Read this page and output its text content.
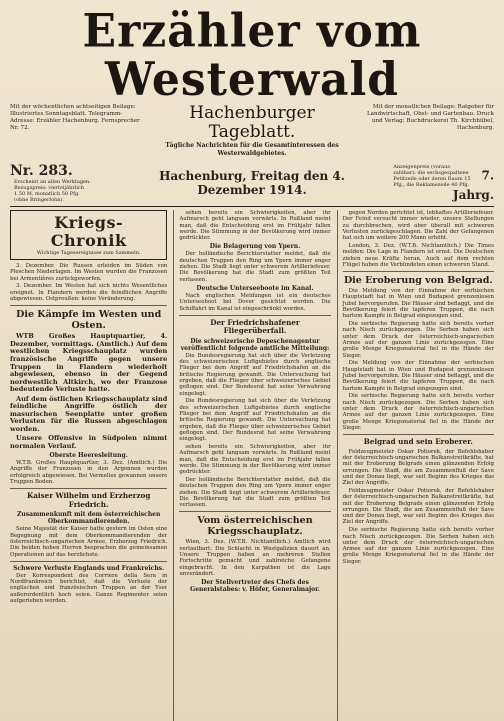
Erzähler vom Westerwald
Mit der wöchentlichen achtseitigen Beilage: Illustriertes Sonntagsblatt. Telegramm-Adresse: Erzähler Hachenburg. Fernsprecher Nr. 72.
Hachenburger Tageblatt.
Tägliche Nachrichten für die Gesamtinteressen des Westerwaldgebietes.
Mit der monatlichen Beilage: Ratgeber für Landwirtschaft, Obst- und Gartenbau. Druck und Verlag: Buchdruckerei Th. Kirchhübel, Hachenburg.
Nr. 283. Erscheint an allen Werktagen. Bezugspreis: vierteljährlich 1.50 M, monatlich 50 Pfg. (ohne Bringerlohn).
Hachenburg, Freitag den 4. Dezember 1914.
Anzeigenpreis (voraus zahlbar): die sechsgespaltene Petitzeile oder deren Raum 15 Pfg., die Reklamezeile 40 Pfg. 7. Jahrg.
Kriegs- Chronik
Wichtige Tagesereignisse zum Sammeln.

3. Dezember. Die Russen erleiden im Süden von Pleschen Niederlagen. Im Westen wurden die Franzosen bei Armentières zurückgeworfen.

3. Dezember. Im Westen hat sich nichts Wesentliches ereignet. In Flandern werden die feindlichen Angriffe abgewiesen. Ostpreußen: keine Veränderung.

Die Kämpfe im Westen und Osten.

WTB Großes Hauptquartier, 4. Dezember, vormittags. (Amtlich.) Auf dem westlichen Kriegsschauplatz wurden französische Angriffe gegen unsere Truppen in Flandern wiederholt abgewiesen, ebenso in der Gegend nordwestlich Altkirch, wo der Franzose bedeutende Verluste hatte.

Auf dem östlichen Kriegsschauplatz sind feindliche Angriffe östlich der masurischen Seenplatte unter großen Verlusten für die Russen abgeschlagen worden.

Unsere Offensive in Südpolen nimmt normalen Verlauf.

Oberste Heeresleitung.

W.T.B. Großes Hauptquartier, 3. Dez. (Amtlich.) Die Angriffe der Franzosen in den Argonnen wurden erfolgreich abgewiesen. Bei Vermelles gewannen unsere Truppen Boden.

Kaiser Wilhelm und Erzherzog Friedrich.
Zusammenkunft mit dem österreichischen Oberkommandierenden.

Seine Majestät der Kaiser hatte gestern im Osten eine Begegnung mit dem Oberkommandierenden der österreichisch-ungarischen Armee, Erzherzog Friedrich. Die beiden hohen Herren besprachen die gemeinsamen Operationen auf das herzlichste.

Schwere Verluste Englands und Frankreichs.

Der Korrespondent des Corriere della Sera in Nordfrankreich berichtet, daß die Verluste der englischen und französischen Truppen an der Yser außerordentlich hoch seien. Ganze Regimenter seien aufgerieben worden.

sehen bereits ein Schwierigkeiten, aber ihr Aufmarsch geht langsam vorwärts. In Rußland meint man, daß die Entscheidung erst im Frühjahr fallen werde. Die Stimmung in der Bevölkerung wird immer gedrückter.

Die Belagerung von Ypern.

Der holländische Berichterstatter meldet, daß die deutschen Truppen den Ring um Ypern immer enger ziehen. Die Stadt liegt unter schwerem Artilleriefeuer. Die Bevölkerung hat die Stadt zum größten Teil verlassen.

Deutsche Unterseeboote im Kanal.

Nach englischen Meldungen ist ein deutsches Unterseeboot bei Dover gesichtet worden. Die Schiffahrt im Kanal ist eingeschränkt worden.

Der Friedrichshafener Fliegerüberfall.
Die schweizerische Depeschenagentur veröffentlicht folgende amtliche Mitteilung:

Die Bundesregierung hat sich über die Verletzung des schweizerischen Luftgebietes durch englische Flieger bei dem Angriff auf Friedrichshafen an die britische Regierung gewandt. Die Untersuchung hat ergeben, daß die Flieger über schweizerisches Gebiet geflogen sind. Der Bundesrat hat seine Verwahrung eingelegt.

Die Bundesregierung hat sich über die Verletzung des schweizerischen Luftgebietes durch englische Flieger bei dem Angriff auf Friedrichshafen an die britische Regierung gewandt. Die Untersuchung hat ergeben, daß die Flieger über schweizerisches Gebiet geflogen sind. Der Bundesrat hat seine Verwahrung eingelegt.

sehen bereits ein Schwierigkeiten, aber ihr Aufmarsch geht langsam vorwärts. In Rußland meint man, daß die Entscheidung erst im Frühjahr fallen werde. Die Stimmung in der Bevölkerung wird immer gedrückter.

Der holländische Berichterstatter meldet, daß die deutschen Truppen den Ring um Ypern immer enger ziehen. Die Stadt liegt unter schwerem Artilleriefeuer. Die Bevölkerung hat die Stadt zum größten Teil verlassen.

Vom österreichischen Kriegsschauplatz.

Wien, 3. Dez. (W.T.B. Nichtamtlich.) Amtlich wird verlautbart: Die Schlacht in Westgalizien dauert an. Unsere Truppen haben an mehreren Stellen Fortschritte gemacht und zahlreiche Gefangene eingebracht. In den Karpathen ist die Lage unverändert.

Der Stellvertreter des Chefs des Generalstabes: v. Höfer, Generalmajor.

gegen Norden gerichtet ist, lebhaftes Artilleriefeuer. Der Feind versucht immer wieder, unsere Stellungen zu durchbrechen, wird aber überall mit schweren Verlusten zurückgeschlagen. Die Zahl der Gefangenen hat sich um weitere 200 Mann erhöht.

London, 3. Dez. (W.T.B. Nichtamtlich.) Die Times melden: Die Lage in Flandern ist ernst. Die Deutschen ziehen neue Kräfte heran. Auch auf dem rechten Flügel haben die Verbündeten einen schweren Stand.

Die Eroberung von Belgrad.

Die Meldung von der Einnahme der serbischen Hauptstadt hat in Wien und Budapest grenzenlosen Jubel hervorgerufen. Die Häuser sind beflaggt, und die Bevölkerung feiert die tapferen Truppen, die nach hartem Kampfe in Belgrad eingezogen sind.

Die serbische Regierung hatte sich bereits vorher nach Nisch zurückgezogen. Die Serben haben sich unter dem Druck der österreichisch-ungarischen Armee auf der ganzen Linie zurückgezogen. Eine große Menge Kriegsmaterial fiel in die Hände der Sieger.

Die Meldung von der Einnahme der serbischen Hauptstadt hat in Wien und Budapest grenzenlosen Jubel hervorgerufen. Die Häuser sind beflaggt, und die Bevölkerung feiert die tapferen Truppen, die nach hartem Kampfe in Belgrad eingezogen sind.

Die serbische Regierung hatte sich bereits vorher nach Nisch zurückgezogen. Die Serben haben sich unter dem Druck der österreichisch-ungarischen Armee auf der ganzen Linie zurückgezogen. Eine große Menge Kriegsmaterial fiel in die Hände der Sieger.

Belgrad und sein Eroberer.

Feldzeugmeister Oskar Potiorek, der Befehlshaber der österreichisch-ungarischen Balkanstreitkräfte, hat mit der Eroberung Belgrads einen glänzenden Erfolg errungen. Die Stadt, die am Zusammenfluß der Save und der Donau liegt, war seit Beginn des Krieges das Ziel der Angriffe.

Feldzeugmeister Oskar Potiorek, der Befehlshaber der österreichisch-ungarischen Balkanstreitkräfte, hat mit der Eroberung Belgrads einen glänzenden Erfolg errungen. Die Stadt, die am Zusammenfluß der Save und der Donau liegt, war seit Beginn des Krieges das Ziel der Angriffe.

Die serbische Regierung hatte sich bereits vorher nach Nisch zurückgezogen. Die Serben haben sich unter dem Druck der österreichisch-ungarischen Armee auf der ganzen Linie zurückgezogen. Eine große Menge Kriegsmaterial fiel in die Hände der Sieger.
